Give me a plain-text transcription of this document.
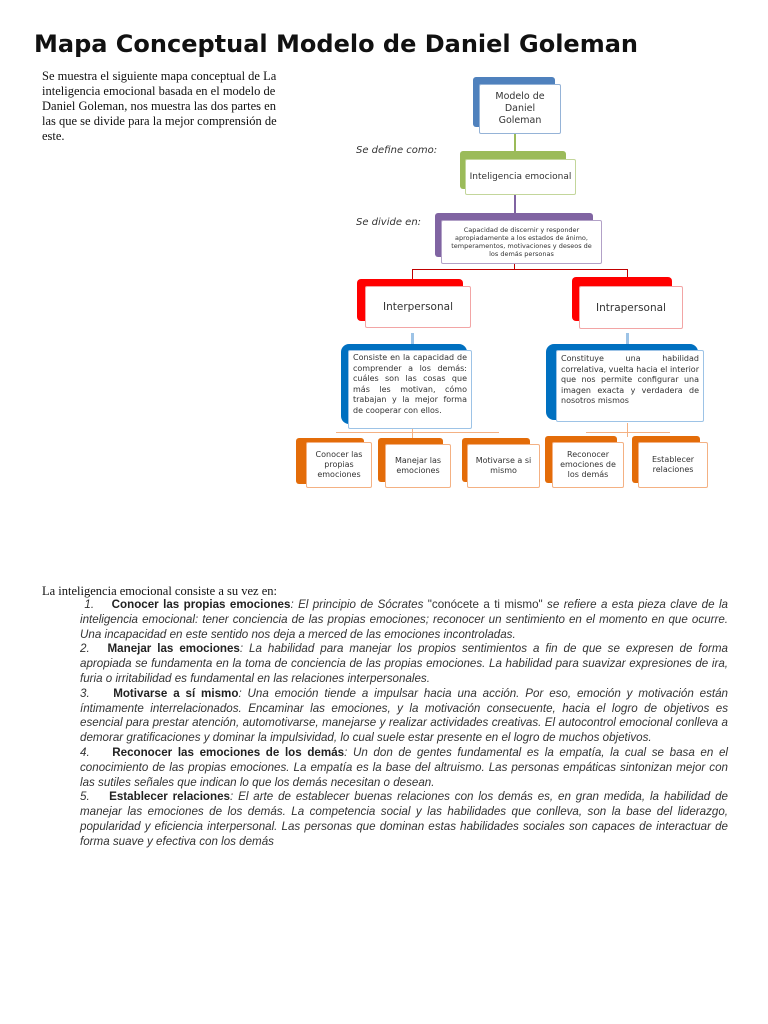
Mapa Conceptual Modelo de Daniel Goleman
Se muestra el siguiente mapa conceptual de La inteligencia emocional basada en el modelo de Daniel Goleman, nos muestra las dos partes en las que se divide para la mejor comprensión de este.
Modelo de Daniel Goleman
Se define como:
Inteligencia emocional
Se divide en:
Capacidad de discernir y responder apropiadamente a los estados de ánimo, temperamentos, motivaciones y deseos de los demás personas
Interpersonal	Intrapersonal
Consiste en la capacidad de comprender a los demás: cuáles son las cosas que más les motivan, cómo trabajan y la mejor forma de cooperar con ellos.
Constituye una habilidad correlativa, vuelta hacia el interior que nos permite configurar una imagen exacta y verdadera de nosotros mismos
Conocer las propias emociones
Manejar las emociones
Motivarse a si mismo
Reconocer emociones de los demás
Establecer relaciones
La inteligencia emocional consiste a su vez en:

1. Conocer las propias emociones: El principio de Sócrates "conócete a ti mismo" se refiere a esta pieza clave de la inteligencia emocional: tener conciencia de las propias emociones; reconocer un sentimiento en el momento en que ocurre. Una incapacidad en este sentido nos deja a merced de las emociones incontroladas.

2. Manejar las emociones: La habilidad para manejar los propios sentimientos a fin de que se expresen de forma apropiada se fundamenta en la toma de conciencia de las propias emociones. La habilidad para suavizar expresiones de ira, furia o irritabilidad es fundamental en las relaciones interpersonales.

3. Motivarse a sí mismo: Una emoción tiende a impulsar hacia una acción. Por eso, emoción y motivación están íntimamente interrelacionados. Encaminar las emociones, y la motivación consecuente, hacia el logro de objetivos es esencial para prestar atención, automotivarse, manejarse y realizar actividades creativas. El autocontrol emocional conlleva a demorar gratificaciones y dominar la impulsividad, lo cual suele estar presente en el logro de muchos objetivos.

4. Reconocer las emociones de los demás: Un don de gentes fundamental es la empatía, la cual se basa en el conocimiento de las propias emociones. La empatía es la base del altruismo. Las personas empáticas sintonizan mejor con las sutiles señales que indican lo que los demás necesitan o desean.

5. Establecer relaciones: El arte de establecer buenas relaciones con los demás es, en gran medida, la habilidad de manejar las emociones de los demás. La competencia social y las habilidades que conlleva, son la base del liderazgo, popularidad y eficiencia interpersonal. Las personas que dominan estas habilidades sociales son capaces de interactuar de forma suave y efectiva con los demás
